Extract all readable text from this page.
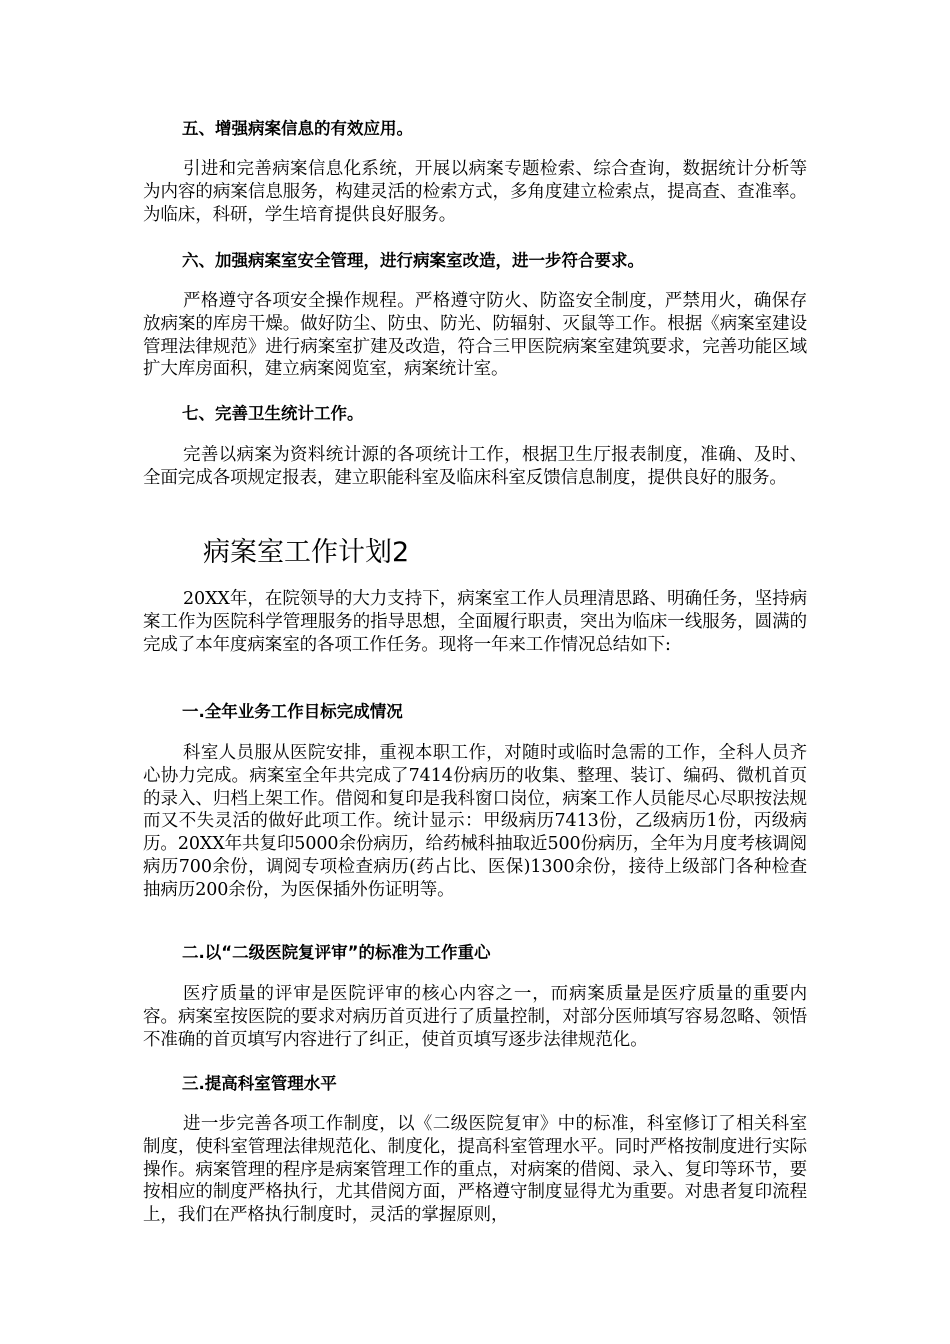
五、增强病案信息的有效应用。
引进和完善病案信息化系统，开展以病案专题检索、综合查询，数据统计分析等为内容的病案信息服务，构建灵活的检索方式，多角度建立检索点，提高查、查准率。为临床，科研，学生培育提供良好服务。
六、加强病案室安全管理，进行病案室改造，进一步符合要求。
严格遵守各项安全操作规程。严格遵守防火、防盗安全制度，严禁用火，确保存放病案的库房干燥。做好防尘、防虫、防光、防辐射、灭鼠等工作。根据《病案室建设管理法律规范》进行病案室扩建及改造，符合三甲医院病案室建筑要求，完善功能区域扩大库房面积，建立病案阅览室，病案统计室。
七、完善卫生统计工作。
完善以病案为资料统计源的各项统计工作，根据卫生厅报表制度，准确、及时、全面完成各项规定报表，建立职能科室及临床科室反馈信息制度，提供良好的服务。
病案室工作计划2
20XX年，在院领导的大力支持下，病案室工作人员理清思路、明确任务，坚持病案工作为医院科学管理服务的指导思想，全面履行职责，突出为临床一线服务，圆满的完成了本年度病案室的各项工作任务。现将一年来工作情况总结如下:
一.全年业务工作目标完成情况
科室人员服从医院安排，重视本职工作，对随时或临时急需的工作，全科人员齐心协力完成。病案室全年共完成了7414份病历的收集、整理、装订、编码、微机首页的录入、归档上架工作。借阅和复印是我科窗口岗位，病案工作人员能尽心尽职按法规而又不失灵活的做好此项工作。统计显示：甲级病历7413份，乙级病历1份，丙级病历。20XX年共复印5000余份病历，给药械科抽取近500份病历，全年为月度考核调阅病历700余份，调阅专项检查病历(药占比、医保)1300余份，接待上级部门各种检查抽病历200余份，为医保插外伤证明等。
二.以“二级医院复评审”的标准为工作重心
医疗质量的评审是医院评审的核心内容之一，而病案质量是医疗质量的重要内容。病案室按医院的要求对病历首页进行了质量控制，对部分医师填写容易忽略、领悟不准确的首页填写内容进行了纠正，使首页填写逐步法律规范化。
三.提高科室管理水平
进一步完善各项工作制度，以《二级医院复审》中的标准，科室修订了相关科室制度，使科室管理法律规范化、制度化，提高科室管理水平。同时严格按制度进行实际操作。病案管理的程序是病案管理工作的重点，对病案的借阅、录入、复印等环节，要按相应的制度严格执行，尤其借阅方面，严格遵守制度显得尤为重要。对患者复印流程上，我们在严格执行制度时，灵活的掌握原则，
